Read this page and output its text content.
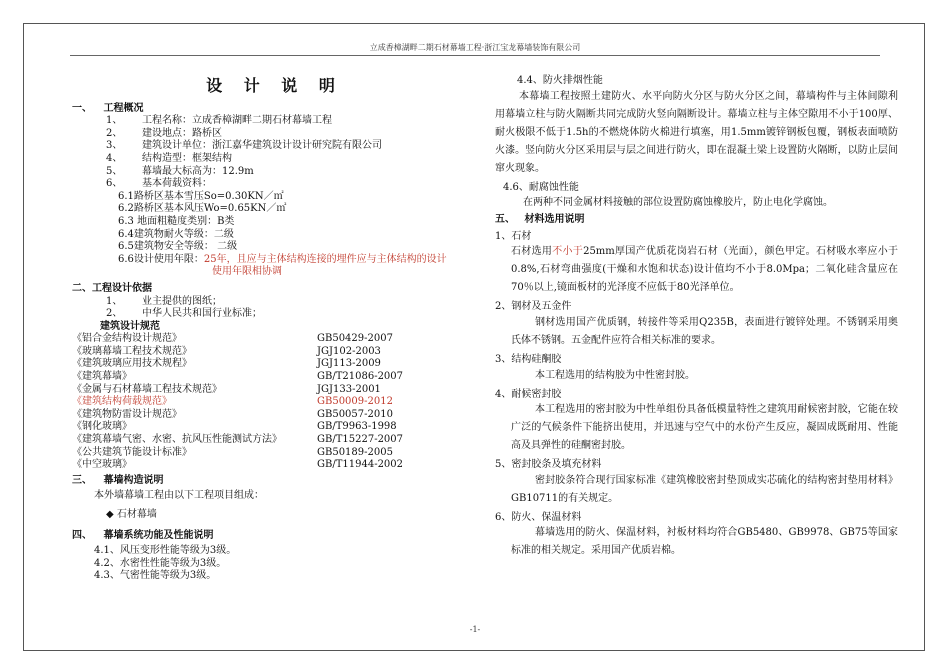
立成香樟湖畔二期石材幕墙工程·浙江宝龙幕墙装饰有限公司
设 计 说 明
一、 工程概况
1、 工程名称：立成香樟湖畔二期石材幕墙工程
2、 建设地点：路桥区
3、 建筑设计单位：浙江嘉华建筑设计设计研究院有限公司
4、 结构造型：框架结构
5、 幕墙最大标高为：12.9m
6、 基本荷载资料：
6.1路桥区基本雪压So=0.30KN／㎡
6.2路桥区基本风压Wo=0.65KN／㎡
6.3 地面粗糙度类别：B类
6.4建筑物耐火等级：二级
6.5建筑物安全等级： 二级
6.6设计使用年限：25年，且应与主体结构连接的埋件应与主体结构的设计
使用年限相协调
二、工程设计依据
1、 业主提供的图纸；
2、 中华人民共和国行业标准；
建筑设计规范
《铝合金结构设计规范》	GB50429-2007
《玻璃幕墙工程技术规范》	JGJ102-2003
《建筑玻璃应用技术规程》	JGJ113-2009
《建筑幕墙》	GB/T21086-2007
《金属与石材幕墙工程技术规范》	JGJ133-2001
《建筑结构荷载规范》	GB50009-2012
《建筑物防雷设计规范》	GB50057-2010
《钢化玻璃》	GB/T9963-1998
《建筑幕墙气密、水密、抗风压性能测试方法》	GB/T15227-2007
《公共建筑节能设计标准》	GB50189-2005
《中空玻璃》	GB/T11944-2002
三、 幕墙构造说明
本外墙幕墙工程由以下工程项目组成：
◆ 石材幕墙
四、 幕墙系统功能及性能说明
4.1、风压变形性能等级为3级。
4.2、水密性性能等级为3级。
4.3、气密性能等级为3级。
4.4、防火排烟性能
本幕墙工程按照土建防火、水平向防火分区与防火分区之间，幕墙构件与主体间隙利用幕墙立柱与防火隔断共同完成防火竖向隔断设计。幕墙立柱与主体空隙用不小于100厚、耐火极限不低于1.5h的不燃烧体防火棉进行填塞，用1.5mm镀锌钢板包覆，钢板表面喷防火漆。竖向防火分区采用层与层之间进行防火，即在混凝土梁上设置防火隔断，以防止层间窜火现象。
4.6、耐腐蚀性能
在两种不同金属材料接触的部位设置防腐蚀橡胶片，防止电化学腐蚀。
五、 材料选用说明
1、石材
石材选用不小于25mm厚国产优质花岗岩石材（光面），颜色甲定。石材吸水率应小于0.8%,石材弯曲强度(干燥和水饱和状态)设计值均不小于8.0Mpa；二氧化硅含量应在70％以上,镜面板材的光泽度不应低于80光泽单位。
2、钢材及五金件
钢材选用国产优质钢，转接件等采用Q235B，表面进行镀锌处理。不锈钢采用奥氏体不锈钢。五金配件应符合相关标准的要求。
3、结构硅酮胶
本工程选用的结构胶为中性密封胶。
4、耐候密封胶
本工程选用的密封胶为中性单组份具备低模量特性之建筑用耐候密封胶，它能在较广泛的气候条件下能挤出使用，并迅速与空气中的水份产生反应，凝固成既耐用、性能高及具弹性的硅酮密封胶。
5、密封胶条及填充材料
密封胶条符合现行国家标准《建筑橡胶密封垫顶成实芯硫化的结构密封垫用材料》GB10711的有关规定。
6、防火、保温材料
幕墙选用的防火、保温材料，衬板材料均符合GB5480、GB9978、GB75等国家标准的相关规定。采用国产优质岩棉。
-1-
